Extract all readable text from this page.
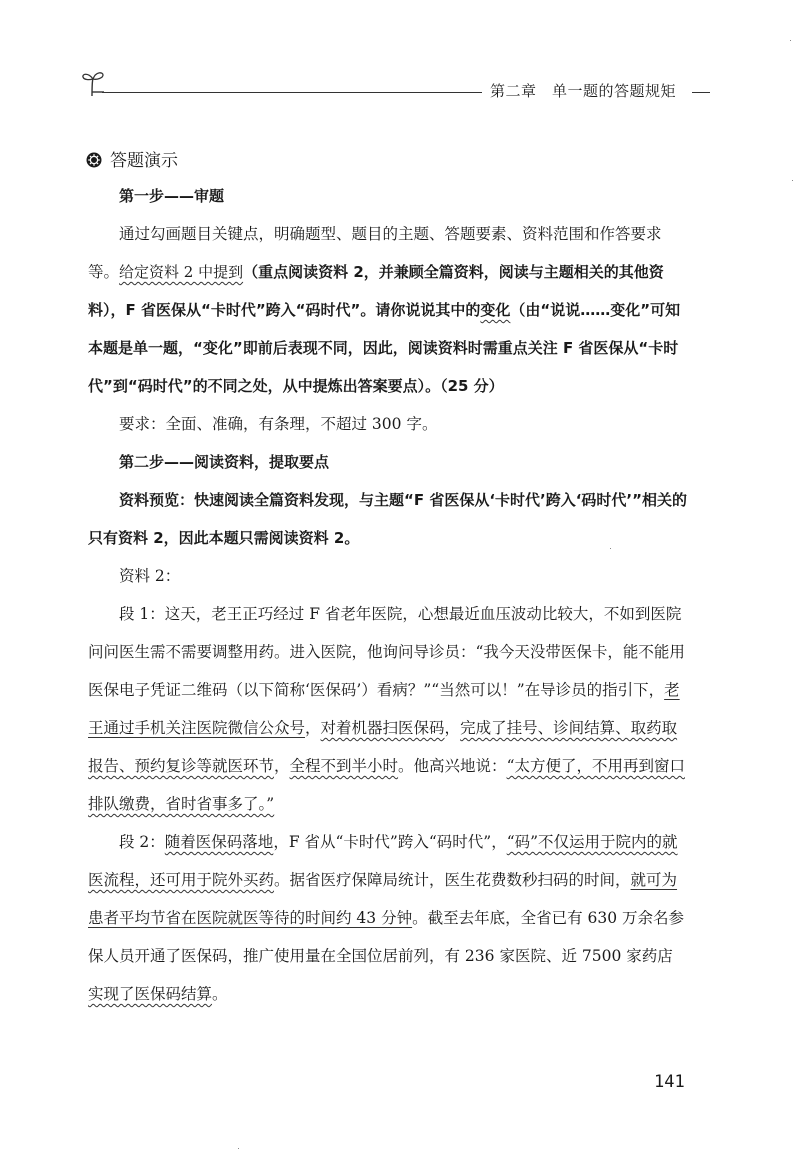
第二章　单一题的答题规矩
答题演示
第一步——审题
通过勾画题目关键点，明确题型、题目的主题、答题要素、资料范围和作答要求等。 给定资料 2 中提到（重点阅读资料 2，并兼顾全篇资料，阅读与主题相关的其他资料），F 省医保从“卡时代”跨入“码时代”。请你说说其中的变化（由“说说……变化”可知本题是单一题，“变化”即前后表现不同，因此，阅读资料时需重点关注 F 省医保从“卡时代”到“码时代”的不同之处，从中提炼出答案要点）。（25 分）
要求：全面、准确，有条理，不超过 300 字。
第二步——阅读资料，提取要点
资料预览：快速阅读全篇资料发现，与主题“F 省医保从‘卡时代’跨入‘码时代’”相关的只有资料 2，因此本题只需阅读资料 2。
资料 2：
段 1：这天，老王正巧经过 F 省老年医院，心想最近血压波动比较大，不如到医院问问医生需不需要调整用药。进入医院，他询问导诊员：“我今天没带医保卡，能不能用医保电子凭证二维码（以下简称‘医保码’）看病？”“当然可以！”在导诊员的指引下，老王通过手机关注医院微信公众号，对着机器扫医保码，完成了挂号、诊间结算、取药取报告、预约复诊等就医环节，全程不到半小时。他高兴地说：“太方便了，不用再到窗口排队缴费，省时省事多了。”
段 2：随着医保码落地，F 省从“卡时代”跨入“码时代”，“码”不仅运用于院内的就医流程，还可用于院外买药。据省医疗保障局统计，医生花费数秒扫码的时间，就可为患者平均节省在医院就医等待的时间约 43 分钟。截至去年底，全省已有 630 万余名参保人员开通了医保码，推广使用量在全国位居前列，有 236 家医院、近 7500 家药店实现了医保码结算。
141
